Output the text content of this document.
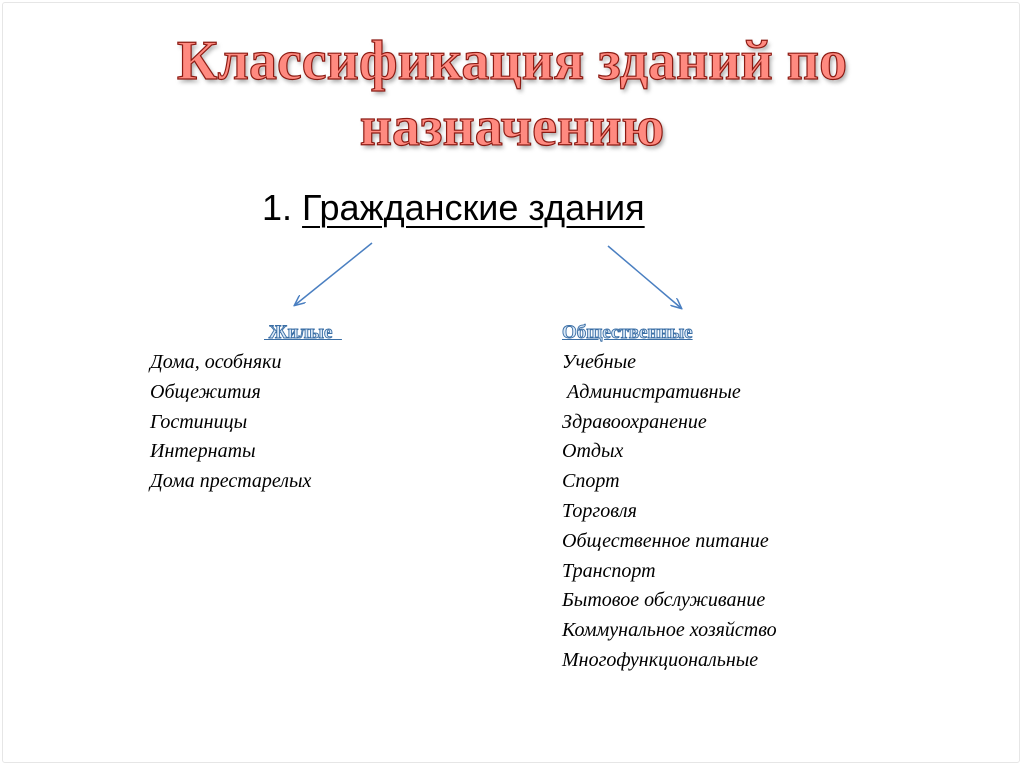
Классификация зданий по
назначению
1. Гражданские здания
Жилые
Дома, особняки
Общежития
Гостиницы
Интернаты
Дома престарелых
Общественные
Учебные
Административные
Здравоохранение
Отдых
Спорт
Торговля
Общественное питание
Транспорт
Бытовое обслуживание
Коммунальное хозяйство
Многофункциональные
